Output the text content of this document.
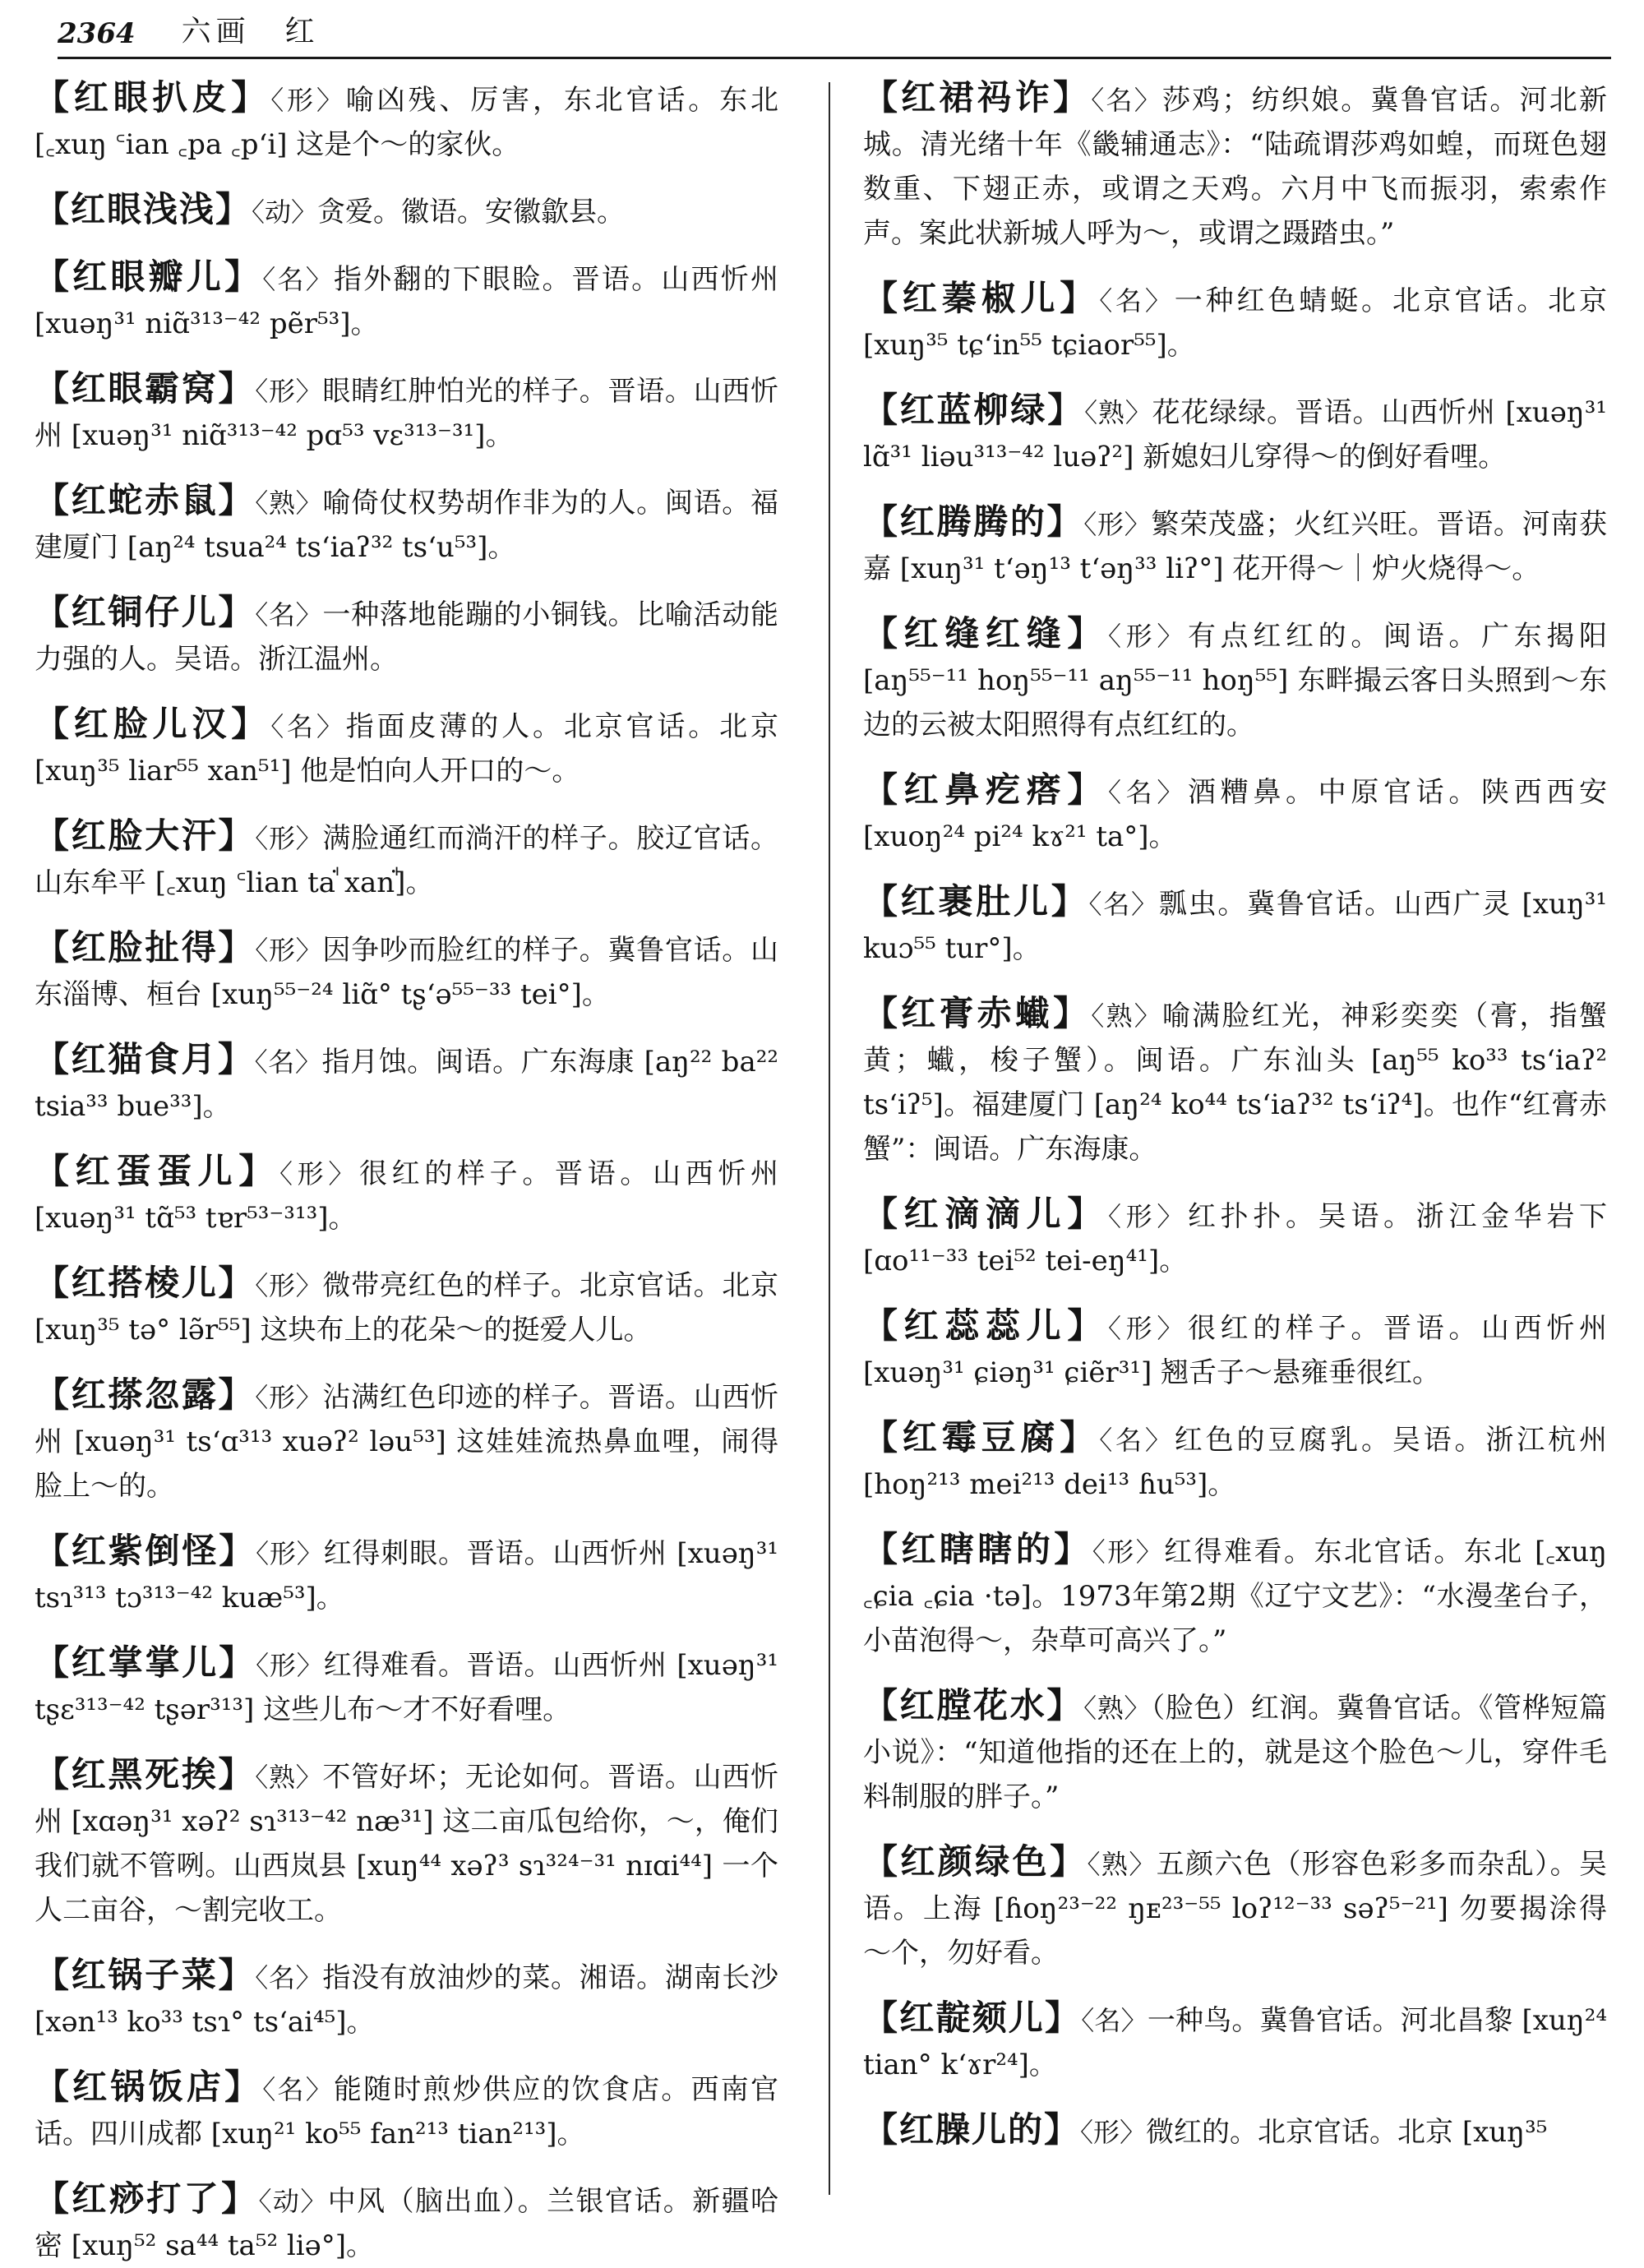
2364 六画　红

【红眼扒皮】〈形〉喻凶残、厉害，东北官话。东北 [꜀xuŋ ꜂ian ꜀pa ꜀pʻi] 这是个～的家伙。

【红眼浅浅】〈动〉贪爱。徽语。安徽歙县。

【红眼瓣儿】〈名〉指外翻的下眼睑。晋语。山西忻州 [xuəŋ³¹ niɑ̃³¹³⁻⁴² pẽr⁵³]。

【红眼霸窝】〈形〉眼睛红肿怕光的样子。晋语。山西忻州 [xuəŋ³¹ niɑ̃³¹³⁻⁴² pɑ⁵³ vɛ³¹³⁻³¹]。

【红蛇赤鼠】〈熟〉喻倚仗权势胡作非为的人。闽语。福建厦门 [aŋ²⁴ tsua²⁴ tsʻiaʔ³² tsʻu⁵³]。

【红铜仔儿】〈名〉一种落地能蹦的小铜钱。比喻活动能力强的人。吴语。浙江温州。

【红脸儿汉】〈名〉指面皮薄的人。北京官话。北京 [xuŋ³⁵ liar⁵⁵ xan⁵¹] 他是怕向人开口的～。

【红脸大汗】〈形〉满脸通红而淌汗的样子。胶辽官话。山东牟平 [꜀xuŋ ꜂lian taꜗ xanꜗ]。

【红脸扯得】〈形〉因争吵而脸红的样子。冀鲁官话。山东淄博、桓台 [xuŋ⁵⁵⁻²⁴ liɑ̃° tʂʻə⁵⁵⁻³³ tei°]。

【红猫食月】〈名〉指月蚀。闽语。广东海康 [aŋ²² ba²² tsia³³ bue³³]。

【红蛋蛋儿】〈形〉很红的样子。晋语。山西忻州 [xuəŋ³¹ tɑ̃⁵³ tɐr⁵³⁻³¹³]。

【红搭棱儿】〈形〉微带亮红色的样子。北京官话。北京 [xuŋ³⁵ tə° lə̃r⁵⁵] 这块布上的花朵～的挺爱人儿。

【红搽忽露】〈形〉沾满红色印迹的样子。晋语。山西忻州 [xuəŋ³¹ tsʻɑ³¹³ xuəʔ² ləu⁵³] 这娃娃流热鼻血哩，闹得脸上～的。

【红紫倒怪】〈形〉红得刺眼。晋语。山西忻州 [xuəŋ³¹ tsɿ³¹³ tɔ³¹³⁻⁴² kuæ⁵³]。

【红掌掌儿】〈形〉红得难看。晋语。山西忻州 [xuəŋ³¹ tʂɛ³¹³⁻⁴² tʂər³¹³] 这些儿布～才不好看哩。

【红黑死挨】〈熟〉不管好坏；无论如何。晋语。山西忻州 [xɑəŋ³¹ xəʔ² sɿ³¹³⁻⁴² næ³¹] 这二亩瓜包给你，～，俺们我们就不管咧。山西岚县 [xuŋ⁴⁴ xəʔ³ sɿ³²⁴⁻³¹ nɪɑi⁴⁴] 一个人二亩谷，～割完收工。

【红锅子菜】〈名〉指没有放油炒的菜。湘语。湖南长沙 [xən¹³ ko³³ tsɿ° tsʻai⁴⁵]。

【红锅饭店】〈名〉能随时煎炒供应的饮食店。西南官话。四川成都 [xuŋ²¹ ko⁵⁵ fan²¹³ tian²¹³]。

【红痧打了】〈动〉中风（脑出血）。兰银官话。新疆哈密 [xuŋ⁵² sa⁴⁴ ta⁵² liə°]。

【红裙祃诈】〈名〉莎鸡；纺织娘。冀鲁官话。河北新城。清光绪十年《畿辅通志》：“陆疏谓莎鸡如蝗，而斑色翅数重、下翅正赤，或谓之天鸡。六月中飞而振羽，索索作声。案此状新城人呼为～，或谓之蹑踏虫。”

【红蓁椒儿】〈名〉一种红色蜻蜓。北京官话。北京 [xuŋ³⁵ tɕʻin⁵⁵ tɕiaor⁵⁵]。

【红蓝柳绿】〈熟〉花花绿绿。晋语。山西忻州 [xuəŋ³¹ lɑ̃³¹ liəu³¹³⁻⁴² luəʔ²] 新媳妇儿穿得～的倒好看哩。

【红腾腾的】〈形〉繁荣茂盛；火红兴旺。晋语。河南获嘉 [xuŋ³¹ tʻəŋ¹³ tʻəŋ³³ liʔ°] 花开得～｜炉火烧得～。

【红缝红缝】〈形〉有点红红的。闽语。广东揭阳 [aŋ⁵⁵⁻¹¹ hoŋ⁵⁵⁻¹¹ aŋ⁵⁵⁻¹¹ hoŋ⁵⁵] 东畔撮云客日头照到～东边的云被太阳照得有点红红的。

【红鼻疙瘩】〈名〉酒糟鼻。中原官话。陕西西安 [xuoŋ²⁴ pi²⁴ kɤ²¹ ta°]。

【红裹肚儿】〈名〉瓢虫。冀鲁官话。山西广灵 [xuŋ³¹ kuɔ⁵⁵ tur°]。

【红膏赤蠘】〈熟〉喻满脸红光，神彩奕奕（膏，指蟹黄；蠘，梭子蟹）。闽语。广东汕头 [aŋ⁵⁵ ko³³ tsʻiaʔ² tsʻiʔ⁵]。福建厦门 [aŋ²⁴ ko⁴⁴ tsʻiaʔ³² tsʻiʔ⁴]。也作“红膏赤蟹”：闽语。广东海康。

【红滴滴儿】〈形〉红扑扑。吴语。浙江金华岩下 [ɑo¹¹⁻³³ tei⁵² tei-eŋ⁴¹]。

【红蕊蕊儿】〈形〉很红的样子。晋语。山西忻州 [xuəŋ³¹ ɕiəŋ³¹ ɕiẽr³¹] 翘舌子～悬雍垂很红。

【红霉豆腐】〈名〉红色的豆腐乳。吴语。浙江杭州 [hoŋ²¹³ mei²¹³ dei¹³ ɦu⁵³]。

【红瞎瞎的】〈形〉红得难看。东北官话。东北 [꜀xuŋ ꜀ɕia ꜀ɕia ·tə]。1973年第2期《辽宁文艺》：“水漫垄台子，小苗泡得～，杂草可高兴了。”

【红膛花水】〈熟〉（脸色）红润。冀鲁官话。《管桦短篇小说》：“知道他指的还在上的，就是这个脸色～儿，穿件毛料制服的胖子。”

【红颜绿色】〈熟〉五颜六色（形容色彩多而杂乱）。吴语。上海 [ɦoŋ²³⁻²² ŋᴇ²³⁻⁵⁵ loʔ¹²⁻³³ səʔ⁵⁻²¹] 勿要揭涂得～个，勿好看。

【红靛颏儿】〈名〉一种鸟。冀鲁官话。河北昌黎 [xuŋ²⁴ tian° kʻɤr²⁴]。

【红臊儿的】〈形〉微红的。北京官话。北京 [xuŋ³⁵
